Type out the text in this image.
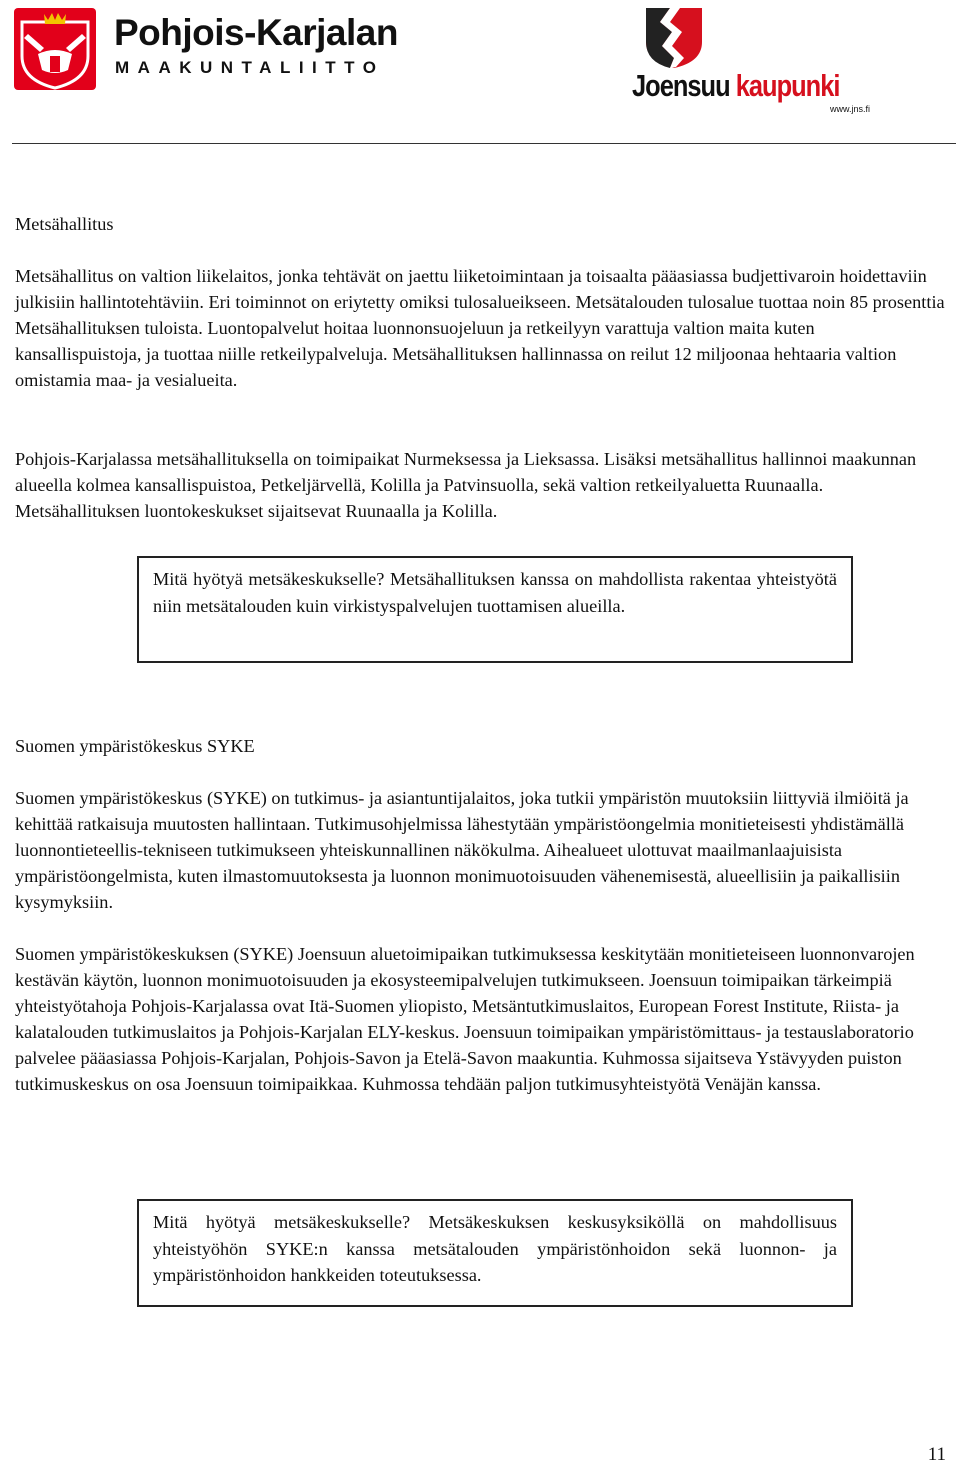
Pohjois-Karjalan
MAAKUNTALIITTO
Joensuu kaupunki
www.jns.fi
Metsähallitus

Metsähallitus on valtion liikelaitos, jonka tehtävät on jaettu liiketoimintaan ja toisaalta pääasiassa budjettivaroin hoidettaviin julkisiin hallintotehtäviin. Eri toiminnot on eriytetty omiksi tulosalueikseen. Metsätalouden tulosalue tuottaa noin 85 prosenttia Metsähallituksen tuloista. Luontopalvelut hoitaa luonnonsuojeluun ja retkeilyyn varattuja valtion maita kuten kansallispuistoja, ja tuottaa niille retkeilypalveluja. Metsähallituksen hallinnassa on reilut 12 miljoonaa hehtaaria valtion omistamia maa- ja vesialueita.

Pohjois-Karjalassa metsähallituksella on toimipaikat Nurmeksessa ja Lieksassa. Lisäksi metsähallitus hallinnoi maakunnan alueella kolmea kansallispuistoa, Petkeljärvellä, Kolilla ja Patvinsuolla, sekä valtion retkeilyaluetta Ruunaalla. Metsähallituksen luontokeskukset sijaitsevat Ruunaalla ja Kolilla.

Mitä hyötyä metsäkeskukselle? Metsähallituksen kanssa on mahdollista rakentaa yhteistyötä niin metsätalouden kuin virkistyspalvelujen tuottamisen alueilla.
Suomen ympäristökeskus SYKE

Suomen ympäristökeskus (SYKE) on tutkimus- ja asiantuntijalaitos, joka tutkii ympäristön muutoksiin liittyviä ilmiöitä ja kehittää ratkaisuja muutosten hallintaan. Tutkimusohjelmissa lähestytään ympäristöongelmia monitieteisesti yhdistämällä luonnontieteellis-tekniseen tutkimukseen yhteiskunnallinen näkökulma. Aihealueet ulottuvat maailmanlaajuisista ympäristöongelmista, kuten ilmastomuutoksesta ja luonnon monimuotoisuuden vähenemisestä, alueellisiin ja paikallisiin kysymyksiin.

Suomen ympäristökeskuksen (SYKE) Joensuun aluetoimipaikan tutkimuksessa keskitytään monitieteiseen luonnonvarojen kestävän käytön, luonnon monimuotoisuuden ja ekosysteemipalvelujen tutkimukseen. Joensuun toimipaikan tärkeimpiä yhteistyötahoja Pohjois-Karjalassa ovat Itä-Suomen yliopisto, Metsäntutkimuslaitos, European Forest Institute, Riista- ja kalatalouden tutkimuslaitos ja Pohjois-Karjalan ELY-keskus. Joensuun toimipaikan ympäristömittaus- ja testauslaboratorio palvelee pääasiassa Pohjois-Karjalan, Pohjois-Savon ja Etelä-Savon maakuntia. Kuhmossa sijaitseva Ystävyyden puiston tutkimuskeskus on osa Joensuun toimipaikkaa. Kuhmossa tehdään paljon tutkimusyhteistyötä Venäjän kanssa.

Mitä hyötyä metsäkeskukselle? Metsäkeskuksen keskusyksiköllä on mahdollisuus yhteistyöhön SYKE:n kanssa metsätalouden ympäristönhoidon sekä luonnon- ja ympäristönhoidon hankkeiden toteutuksessa.
11
